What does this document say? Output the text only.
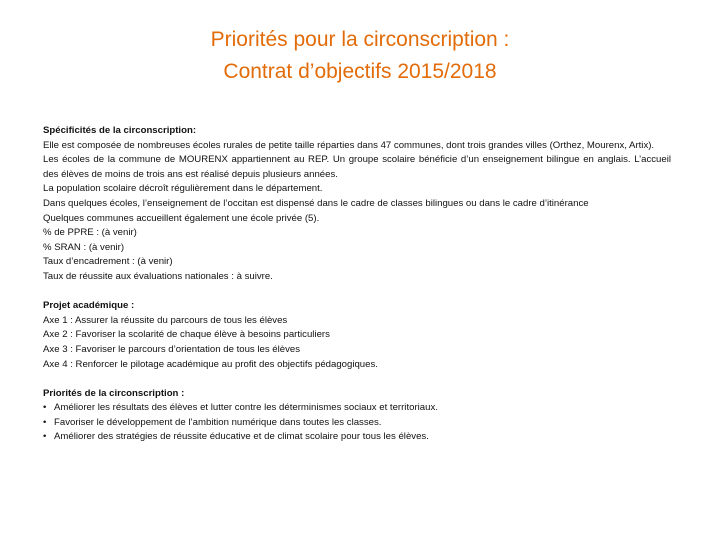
Priorités pour la circonscription :
Contrat d’objectifs 2015/2018
Spécificités de la circonscription:
Elle est composée de nombreuses écoles rurales de petite taille réparties dans 47 communes, dont trois grandes villes (Orthez, Mourenx, Artix).
Les écoles de la commune de MOURENX appartiennent au REP. Un groupe scolaire bénéficie d’un enseignement bilingue en anglais. L’accueil des élèves de moins de trois ans est réalisé depuis plusieurs années.
La population scolaire décroît régulièrement dans le département.
Dans quelques écoles, l’enseignement de l’occitan est dispensé dans le cadre de classes bilingues ou dans le cadre d’itinérance
Quelques communes accueillent également une école privée (5).
% de PPRE : (à venir)
% SRAN : (à venir)
Taux d’encadrement : (à venir)
Taux de réussite aux évaluations nationales : à suivre.
Projet académique :
Axe 1 : Assurer la réussite du parcours de tous les élèves
Axe 2 : Favoriser la scolarité de chaque élève à besoins particuliers
Axe 3 : Favoriser le parcours d’orientation de tous les élèves
Axe 4 : Renforcer le pilotage académique au profit des objectifs pédagogiques.
Priorités de la circonscription :
• Améliorer les résultats des élèves et lutter contre les déterminismes sociaux et territoriaux.
• Favoriser le développement de l’ambition numérique dans toutes les classes.
• Améliorer des stratégies de réussite éducative et de climat scolaire pour tous les élèves.
